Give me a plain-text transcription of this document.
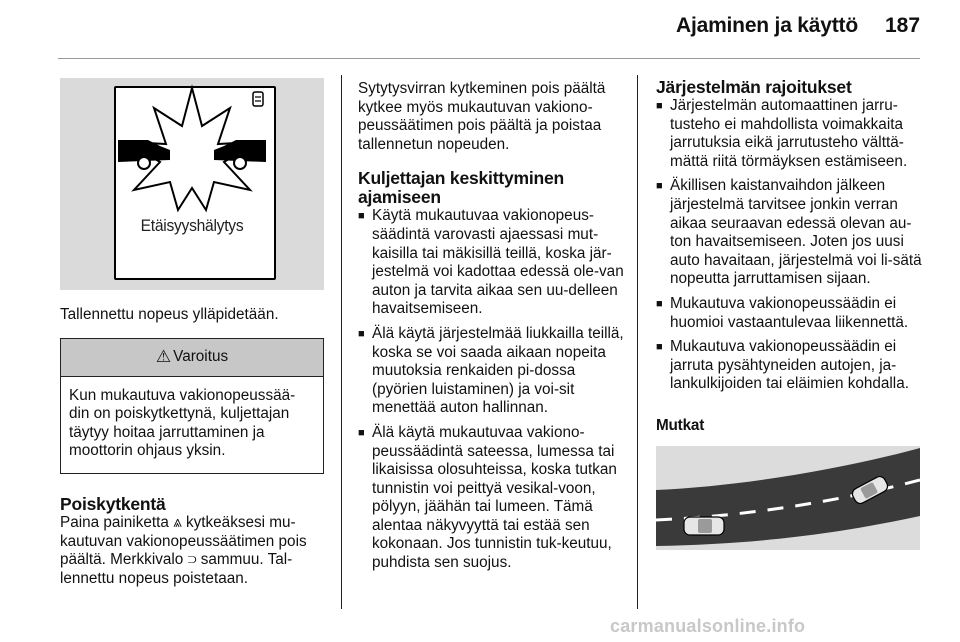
Ajaminen ja käyttö 187
Etäisyyshälytys

Tallennettu nopeus ylläpidetään.

⚠ Varoitus
Kun mukautuva vakionopeussää-din on poiskytkettynä, kuljettajan täytyy hoitaa jarruttaminen ja moottorin ohjaus yksin.
Poiskytkentä

Paina painiketta ⩓ kytkeäksesi mu-kautuvan vakionopeussäätimen pois päältä. Merkkivalo ⊃ sammuu. Tal-lennettu nopeus poistetaan.

Sytytysvirran kytkeminen pois päältä kytkee myös mukautuvan vakiono-peussäätimen pois päältä ja poistaa tallennetun nopeuden.

Kuljettajan keskittyminen ajamiseen
■ Käytä mukautuvaa vakionopeus-säädintä varovasti ajaessasi mut-kaisilla tai mäkisillä teillä, koska jär-jestelmä voi kadottaa edessä ole-van auton ja tarvita aikaa sen uu-delleen havaitsemiseen.
■ Älä käytä järjestelmää liukkailla teillä, koska se voi saada aikaan nopeita muutoksia renkaiden pi-dossa (pyörien luistaminen) ja voi-sit menettää auton hallinnan.
■ Älä käytä mukautuvaa vakiono-peussäädintä sateessa, lumessa tai likaisissa olosuhteissa, koska tutkan tunnistin voi peittyä vesikal-voon, pölyyn, jäähän tai lumeen. Tämä alentaa näkyvyyttä tai estää sen kokonaan. Jos tunnistin tuk-keutuu, puhdista sen suojus.
Järjestelmän rajoitukset
■ Järjestelmän automaattinen jarru-tusteho ei mahdollista voimakkaita jarrutuksia eikä jarrutusteho välttä-mättä riitä törmäyksen estämiseen.
■ Äkillisen kaistanvaihdon jälkeen järjestelmä tarvitsee jonkin verran aikaa seuraavan edessä olevan au-ton havaitsemiseen. Joten jos uusi auto havaitaan, järjestelmä voi li-sätä nopeutta jarruttamisen sijaan.
■ Mukautuva vakionopeussäädin ei huomioi vastaantulevaa liikennettä.
■ Mukautuva vakionopeussäädin ei jarruta pysähtyneiden autojen, ja-lankulkijoiden tai eläimien kohdalla.
Mutkat
carmanualsonline.info
